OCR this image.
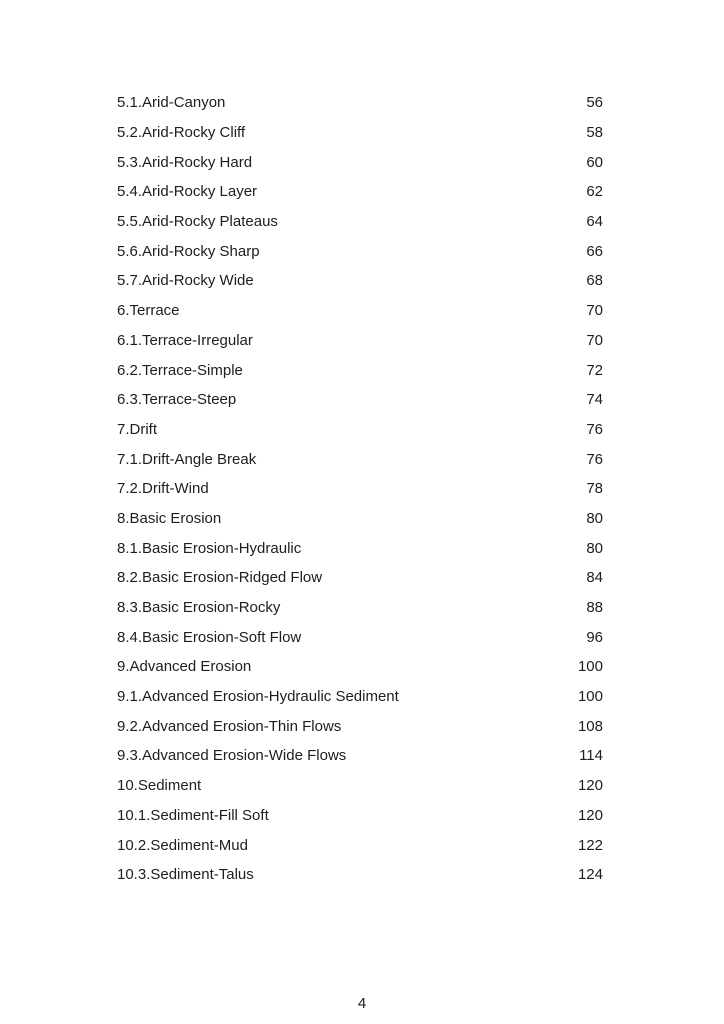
5.1.Arid-Canyon	56
5.2.Arid-Rocky Cliff	58
5.3.Arid-Rocky Hard	60
5.4.Arid-Rocky Layer	62
5.5.Arid-Rocky Plateaus	64
5.6.Arid-Rocky Sharp	66
5.7.Arid-Rocky Wide	68
6.Terrace	70
6.1.Terrace-Irregular	70
6.2.Terrace-Simple	72
6.3.Terrace-Steep	74
7.Drift	76
7.1.Drift-Angle Break	76
7.2.Drift-Wind	78
8.Basic Erosion	80
8.1.Basic Erosion-Hydraulic	80
8.2.Basic Erosion-Ridged Flow	84
8.3.Basic Erosion-Rocky	88
8.4.Basic Erosion-Soft Flow	96
9.Advanced Erosion	100
9.1.Advanced Erosion-Hydraulic Sediment	100
9.2.Advanced Erosion-Thin Flows	108
9.3.Advanced Erosion-Wide Flows	114
10.Sediment	120
10.1.Sediment-Fill Soft	120
10.2.Sediment-Mud	122
10.3.Sediment-Talus	124
4
